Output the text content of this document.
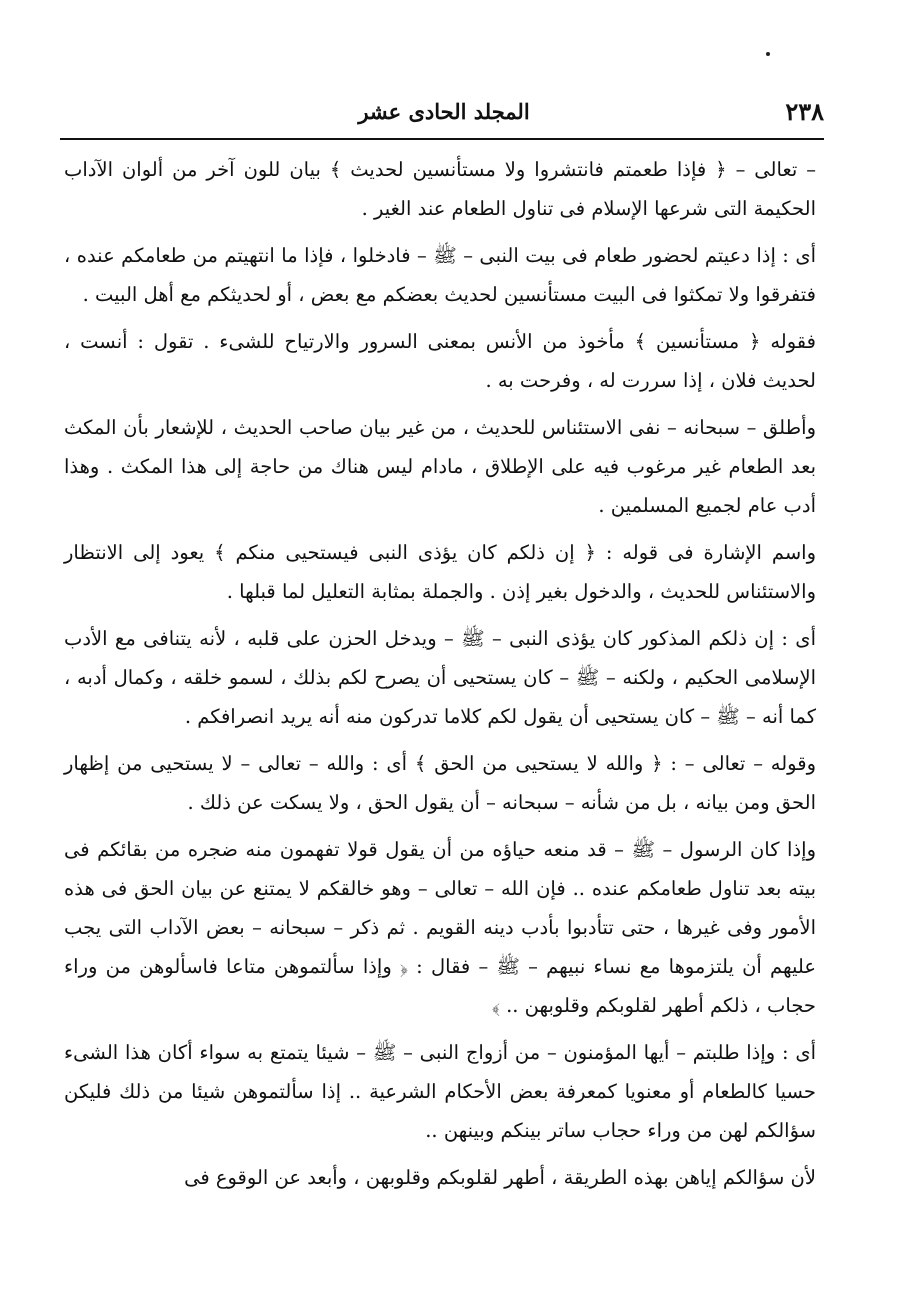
٢٣٨
المجلد الحادى عشر

– تعالى – ﴿ فإذا طعمتم فانتشروا ولا مستأنسين لحديث ﴾ بيان للون آخر من ألوان الآداب الحكيمة التى شرعها الإسلام فى تناول الطعام عند الغير .

أى : إذا دعيتم لحضور طعام فى بيت النبى – ﷺ – فادخلوا ، فإذا ما انتهيتم من طعامكم عنده ، فتفرقوا ولا تمكثوا فى البيت مستأنسين لحديث بعضكم مع بعض ، أو لحديثكم مع أهل البيت .

فقوله ﴿ مستأنسين ﴾ مأخوذ من الأنس بمعنى السرور والارتياح للشىء . تقول : أنست ، لحديث فلان ، إذا سررت له ، وفرحت به .

وأطلق – سبحانه – نفى الاستئناس للحديث ، من غير بيان صاحب الحديث ، للإشعار بأن المكث بعد الطعام غير مرغوب فيه على الإطلاق ، مادام ليس هناك من حاجة إلى هذا المكث . وهذا أدب عام لجميع المسلمين .

واسم الإشارة فى قوله : ﴿ إن ذلكم كان يؤذى النبى فيستحيى منكم ﴾ يعود إلى الانتظار والاستئناس للحديث ، والدخول بغير إذن . والجملة بمثابة التعليل لما قبلها .

أى : إن ذلكم المذكور كان يؤذى النبى – ﷺ – ويدخل الحزن على قلبه ، لأنه يتنافى مع الأدب الإسلامى الحكيم ، ولكنه – ﷺ – كان يستحيى أن يصرح لكم بذلك ، لسمو خلقه ، وكمال أدبه ، كما أنه – ﷺ – كان يستحيى أن يقول لكم كلاما تدركون منه أنه يريد انصرافكم .

وقوله – تعالى – : ﴿ والله لا يستحيى من الحق ﴾ أى : والله – تعالى – لا يستحيى من إظهار الحق ومن بيانه ، بل من شأنه – سبحانه – أن يقول الحق ، ولا يسكت عن ذلك .

وإذا كان الرسول – ﷺ – قد منعه حياؤه من أن يقول قولا تفهمون منه ضجره من بقائكم فى بيته بعد تناول طعامكم عنده .. فإن الله – تعالى – وهو خالقكم لا يمتنع عن بيان الحق فى هذه الأمور وفى غيرها ، حتى تتأدبوا بأدب دينه القويم . ثم ذكر – سبحانه – بعض الآداب التى يجب عليهم أن يلتزموها مع نساء نبيهم – ﷺ – فقال : ﴿ وإذا سألتموهن متاعا فاسألوهن من وراء حجاب ، ذلكم أطهر لقلوبكم وقلوبهن .. ﴾

أى : وإذا طلبتم – أيها المؤمنون – من أزواج النبى – ﷺ – شيئا يتمتع به سواء أكان هذا الشىء حسيا كالطعام أو معنويا كمعرفة بعض الأحكام الشرعية .. إذا سألتموهن شيئا من ذلك فليكن سؤالكم لهن من وراء حجاب ساتر بينكم وبينهن ..

لأن سؤالكم إياهن بهذه الطريقة ، أطهر لقلوبكم وقلوبهن ، وأبعد عن الوقوع فى
